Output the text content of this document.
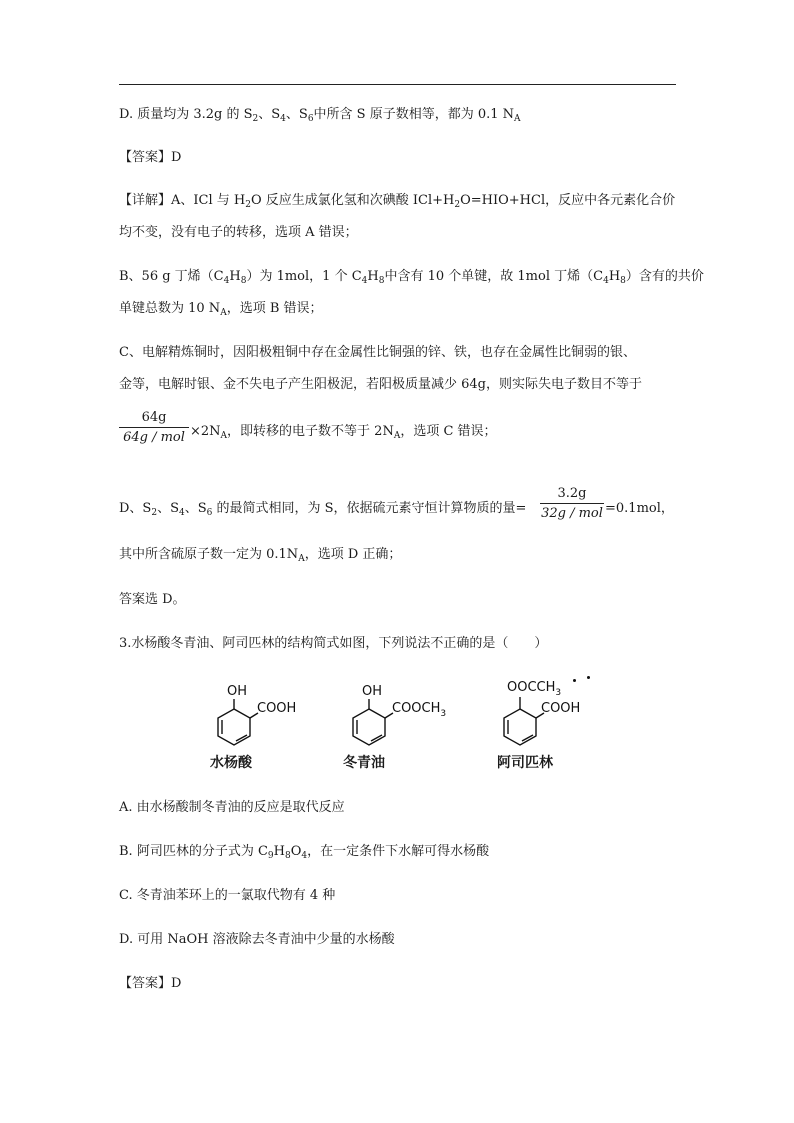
D. 质量均为 3.2g 的 $S_2$、$S_4$、$S_6$中所含 S 原子数相等，都为 0.1 $N_A$
【答案】D
【详解】A、ICl 与 $H_2O$ 反应生成氯化氢和次碘酸 $ICl+H_2O=HIO+HCl$，反应中各元素化合价
均不变，没有电子的转移，选项 A 错误；
B、56 g 丁烯$(C_4H_8)$为 1mol，1 个 $C_4H_8$中含有 10 个单键，故 1mol 丁烯$(C_4H_8)$含有的共价
单键总数为 10 $N_A$，选项 B 错误；
C、电解精炼铜时，因阳极粗铜中存在金属性比铜强的锌、铁，也存在金属性比铜弱的银、
金等，电解时银、金不失电子产生阳极泥，若阳极质量减少 64g，则实际失电子数目不等于
64g
64g / mol $\times 2N_A$，即转移的电子数不等于 $2N_A$，选项 C 错误；
D、$S_2$、$S_4$、$S_6$ 的最简式相同，为 S，依据硫元素守恒计算物质的量=
3.2g
32g / mol =0.1mol，
其中所含硫原子数一定为 $0.1N_A$，选项 D 正确；
答案选 D。
3.水杨酸冬青油、阿司匹林的结构简式如图，下列说法不正确的是（　　）
OH
COOH
水杨酸
OH
$COOCH_3$
冬青油
$OOCCH_3$
COOH
阿司匹林
A. 由水杨酸制冬青油的反应是取代反应
B. 阿司匹林的分子式为 $C_9H_8O_4$，在一定条件下水解可得水杨酸
C. 冬青油苯环上的一氯取代物有 4 种
D. 可用 NaOH 溶液除去冬青油中少量的水杨酸
【答案】D
